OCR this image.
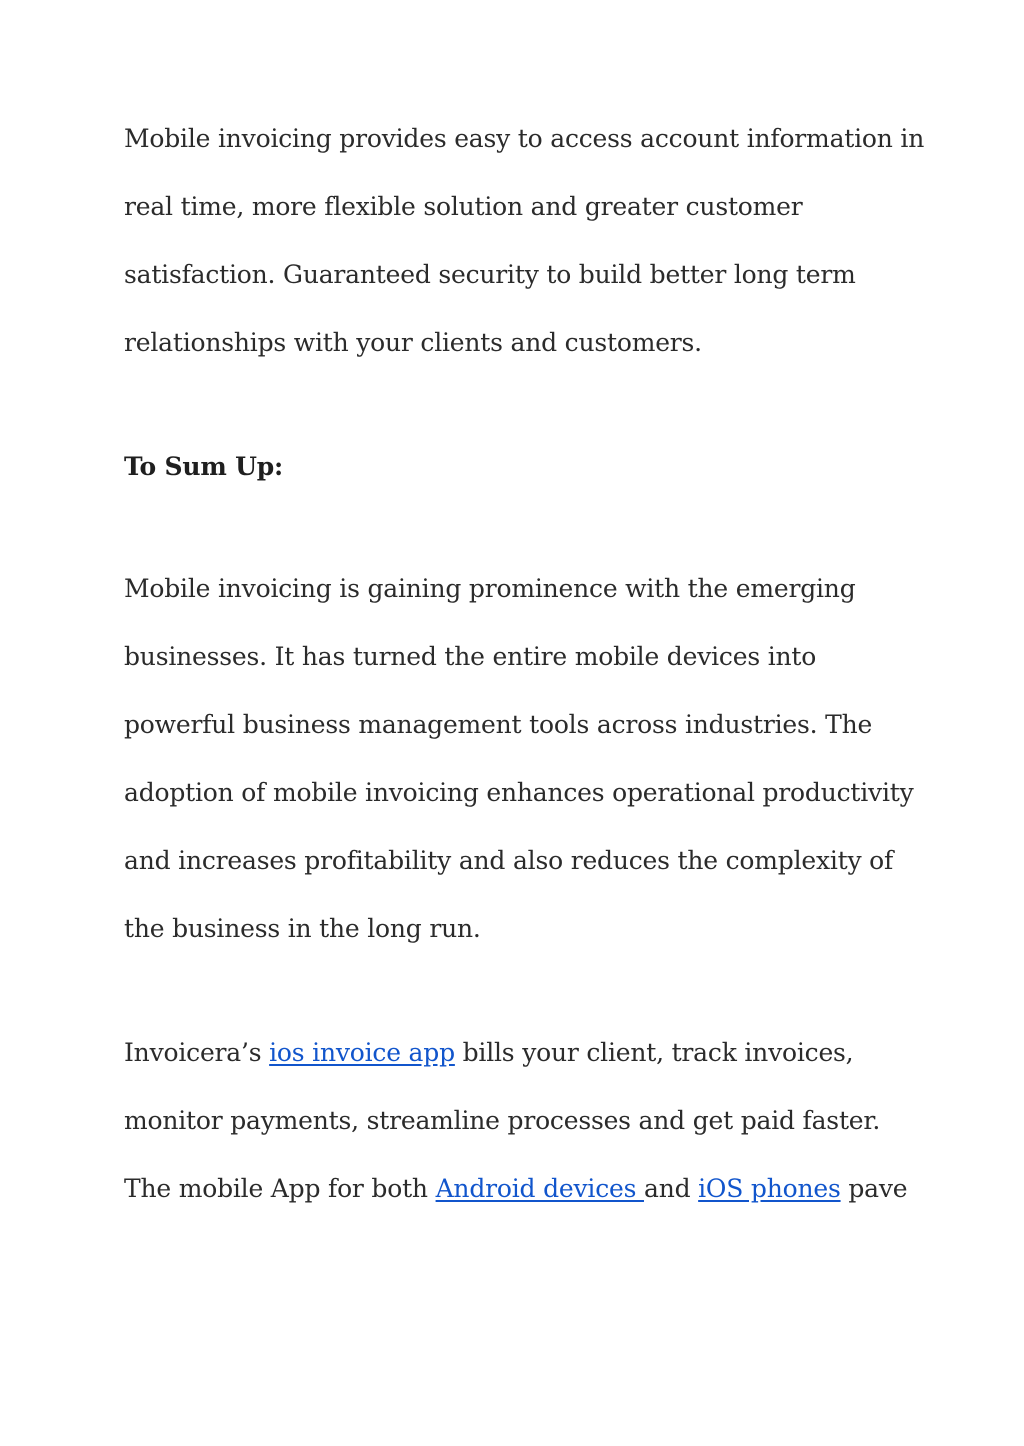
Mobile invoicing provides easy to access account information in
real time, more flexible solution and greater customer
satisfaction. Guaranteed security to build better long term
relationships with your clients and customers.
To Sum Up:
Mobile invoicing is gaining prominence with the emerging
businesses. It has turned the entire mobile devices into
powerful business management tools across industries. The
adoption of mobile invoicing enhances operational productivity
and increases profitability and also reduces the complexity of
the business in the long run.
Invoicera’s ios invoice app bills your client, track invoices,
monitor payments, streamline processes and get paid faster.
The mobile App for both Android devices and iOS phones pave
